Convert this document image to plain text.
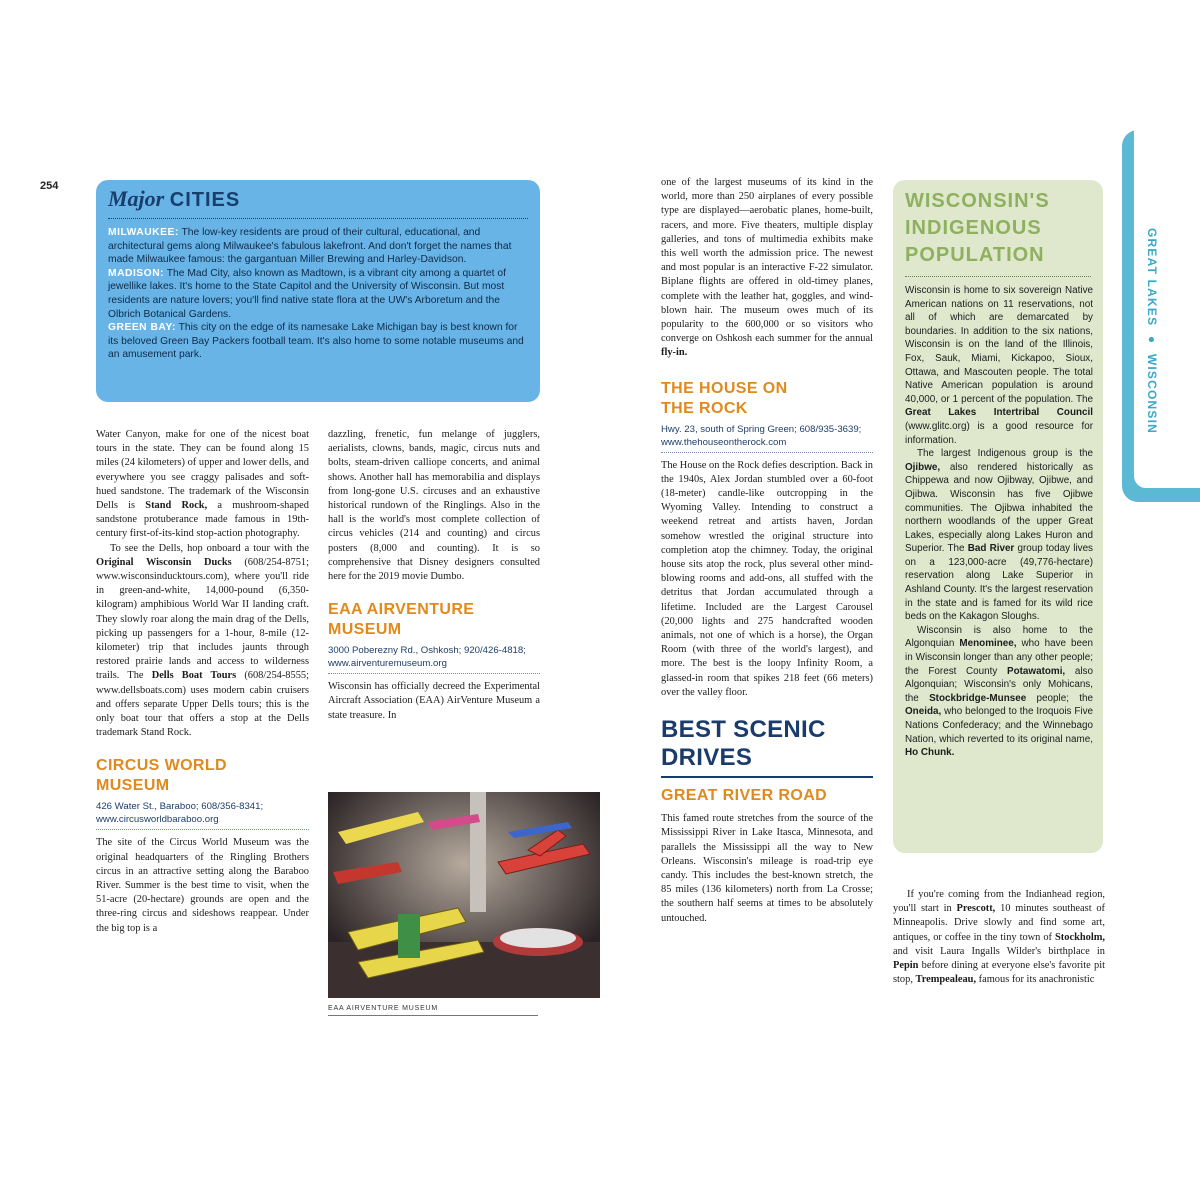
254
GREAT LAKES ● WISCONSIN
Major CITIES

MILWAUKEE: The low-key residents are proud of their cultural, educational, and architectural gems along Milwaukee's fabulous lakefront. And don't forget the names that made Milwaukee famous: the gargantuan Miller Brewing and Harley-Davidson.

MADISON: The Mad City, also known as Madtown, is a vibrant city among a quartet of jewellike lakes. It's home to the State Capitol and the University of Wisconsin. But most residents are nature lovers; you'll find native state flora at the UW's Arboretum and the Olbrich Botanical Gardens.

GREEN BAY: This city on the edge of its namesake Lake Michigan bay is best known for its beloved Green Bay Packers football team. It's also home to some notable museums and an amusement park.

Water Canyon, make for one of the nicest boat tours in the state. They can be found along 15 miles (24 kilometers) of upper and lower dells, and everywhere you see craggy palisades and soft-hued sandstone. The trademark of the Wisconsin Dells is Stand Rock, a mushroom-shaped sandstone protuberance made famous in 19th-century first-of-its-kind stop-action photography.

To see the Dells, hop onboard a tour with the Original Wisconsin Ducks (608/254-8751; www.wisconsinducktours.com), where you'll ride in green-and-white, 14,000-pound (6,350-kilogram) amphibious World War II landing craft. They slowly roar along the main drag of the Dells, picking up passengers for a 1-hour, 8-mile (12-kilometer) trip that includes jaunts through restored prairie lands and access to wilderness trails. The Dells Boat Tours (608/254-8555; www.dellsboats.com) uses modern cabin cruisers and offers separate Upper Dells tours; this is the only boat tour that offers a stop at the Dells trademark Stand Rock.

CIRCUS WORLD MUSEUM
426 Water St., Baraboo; 608/356-8341; www.circusworldbaraboo.org

The site of the Circus World Museum was the original headquarters of the Ringling Brothers circus in an attractive setting along the Baraboo River. Summer is the best time to visit, when the 51-acre (20-hectare) grounds are open and the three-ring circus and sideshows reappear. Under the big top is a

dazzling, frenetic, fun melange of jugglers, aerialists, clowns, bands, magic, circus nuts and bolts, steam-driven calliope concerts, and animal shows. Another hall has memorabilia and displays from long-gone U.S. circuses and an exhaustive historical rundown of the Ringlings. Also in the hall is the world's most complete collection of circus vehicles (214 and counting) and circus posters (8,000 and counting). It is so comprehensive that Disney designers consulted here for the 2019 movie Dumbo.

EAA AIRVENTURE MUSEUM
3000 Poberezny Rd., Oshkosh; 920/426-4818; www.airventuremuseum.org

Wisconsin has officially decreed the Experimental Aircraft Association (EAA) AirVenture Museum a state treasure. In

EAA AIRVENTURE MUSEUM

one of the largest museums of its kind in the world, more than 250 airplanes of every possible type are displayed—aerobatic planes, home-built, racers, and more. Five theaters, multiple display galleries, and tons of multimedia exhibits make this well worth the admission price. The newest and most popular is an interactive F-22 simulator. Biplane flights are offered in old-timey planes, complete with the leather hat, goggles, and wind-blown hair. The museum owes much of its popularity to the 600,000 or so visitors who converge on Oshkosh each summer for the annual fly-in.

THE HOUSE ON THE ROCK
Hwy. 23, south of Spring Green; 608/935-3639; www.thehouseontherock.com

The House on the Rock defies description. Back in the 1940s, Alex Jordan stumbled over a 60-foot (18-meter) candle-like outcropping in the Wyoming Valley. Intending to construct a weekend retreat and artists haven, Jordan somehow wrestled the original structure into completion atop the chimney. Today, the original house sits atop the rock, plus several other mind-blowing rooms and add-ons, all stuffed with the detritus that Jordan accumulated through a lifetime. Included are the Largest Carousel (20,000 lights and 275 handcrafted wooden animals, not one of which is a horse), the Organ Room (with three of the world's largest), and more. The best is the loopy Infinity Room, a glassed-in room that spikes 218 feet (66 meters) over the valley floor.

BEST SCENIC DRIVES
GREAT RIVER ROAD

This famed route stretches from the source of the Mississippi River in Lake Itasca, Minnesota, and parallels the Mississippi all the way to New Orleans. Wisconsin's mileage is road-trip eye candy. This includes the best-known stretch, the 85 miles (136 kilometers) north from La Crosse; the southern half seems at times to be absolutely untouched.

WISCONSIN'S INDIGENOUS POPULATION

Wisconsin is home to six sovereign Native American nations on 11 reservations, not all of which are demarcated by boundaries. In addition to the six nations, Wisconsin is on the land of the Illinois, Fox, Sauk, Miami, Kickapoo, Sioux, Ottawa, and Mascouten people. The total Native American population is around 40,000, or 1 percent of the population. The Great Lakes Intertribal Council (www.glitc.org) is a good resource for information.

The largest Indigenous group is the Ojibwe, also rendered historically as Chippewa and now Ojibway, Ojibwe, and Ojibwa. Wisconsin has five Ojibwe communities. The Ojibwa inhabited the northern woodlands of the upper Great Lakes, especially along Lakes Huron and Superior. The Bad River group today lives on a 123,000-acre (49,776-hectare) reservation along Lake Superior in Ashland County. It's the largest reservation in the state and is famed for its wild rice beds on the Kakagon Sloughs.

Wisconsin is also home to the Algonquian Menominee, who have been in Wisconsin longer than any other people; the Forest County Potawatomi, also Algonquian; Wisconsin's only Mohicans, the Stockbridge-Munsee people; the Oneida, who belonged to the Iroquois Five Nations Confederacy; and the Winnebago Nation, which reverted to its original name, Ho Chunk.

If you're coming from the Indianhead region, you'll start in Prescott, 10 minutes southeast of Minneapolis. Drive slowly and find some art, antiques, or coffee in the tiny town of Stockholm, and visit Laura Ingalls Wilder's birthplace in Pepin before dining at everyone else's favorite pit stop, Trempealeau, famous for its anachronistic
